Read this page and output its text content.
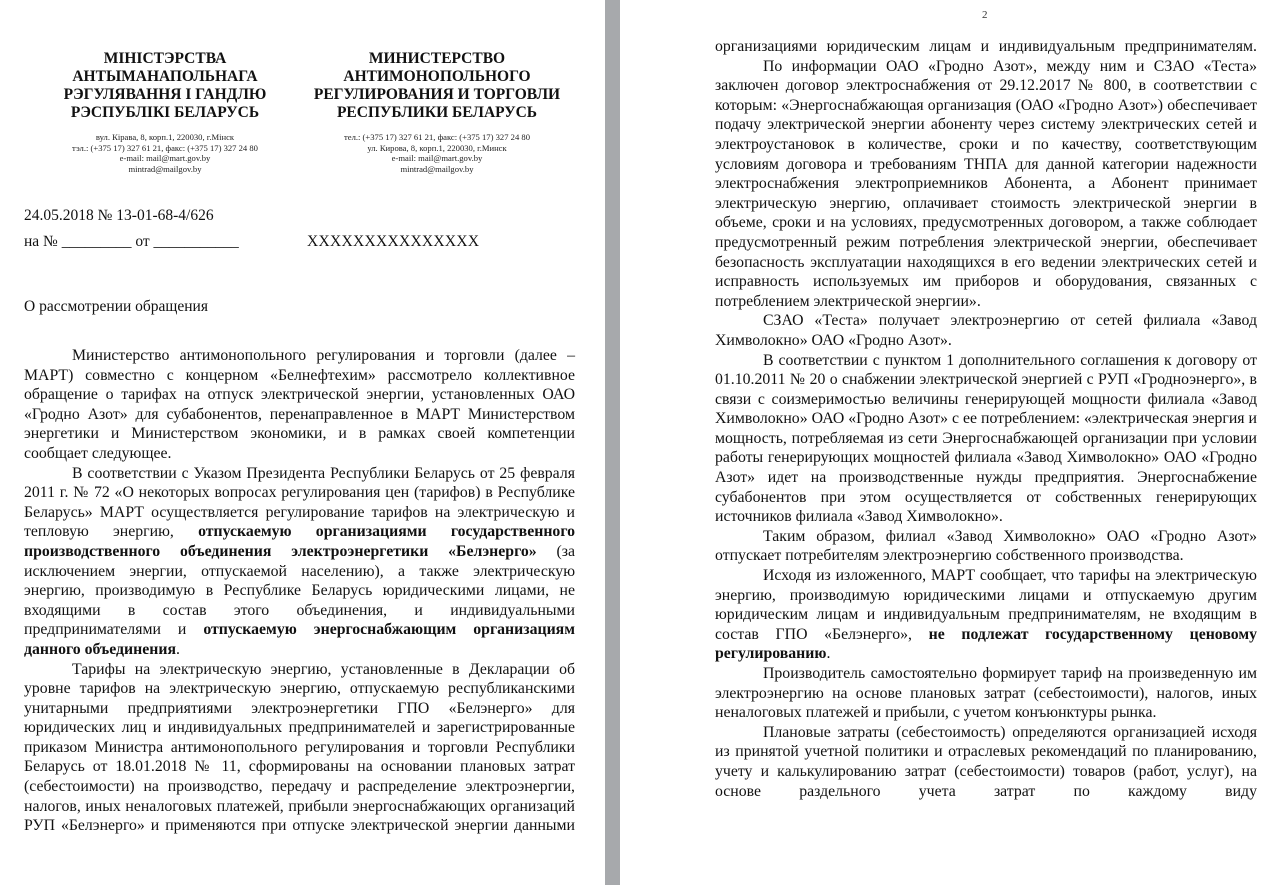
МІНІСТЭРСТВА
АНТЫМАНАПОЛЬНАГА
РЭГУЛЯВАННЯ І ГАНДЛЮ
РЭСПУБЛІКІ БЕЛАРУСЬ
вул. Кірава, 8, корп.1, 220030, г.Мінск
тэл.: (+375 17) 327 61 21, факс: (+375 17) 327 24 80
e-mail: mail@mart.gov.by
mintrad@mailgov.by
МИНИСТЕРСТВО
АНТИМОНОПОЛЬНОГО
РЕГУЛИРОВАНИЯ И ТОРГОВЛИ
РЕСПУБЛИКИ БЕЛАРУСЬ
тел.: (+375 17) 327 61 21, факс: (+375 17) 327 24 80
ул. Кирова, 8, корп.1, 220030, г.Минск
e-mail: mail@mart.gov.by
mintrad@mailgov.by
24.05.2018 № 13-01-68-4/626
на № _________ от ___________	XXXXXXXXXXXXXXX
О рассмотрении обращения

Министерство антимонопольного регулирования и торговли (далее – МАРТ) совместно с концерном «Белнефтехим» рассмотрело коллективное обращение о тарифах на отпуск электрической энергии, установленных ОАО «Гродно Азот» для субабонентов, перенаправленное в МАРТ Министерством энергетики и Министерством экономики, и в рамках своей компетенции сообщает следующее.

В соответствии с Указом Президента Республики Беларусь от 25 февраля 2011 г. № 72 «О некоторых вопросах регулирования цен (тарифов) в Республике Беларусь» МАРТ осуществляется регулирование тарифов на электрическую и тепловую энергию, отпускаемую организациями государственного производственного объединения электроэнергетики «Белэнерго» (за исключением энергии, отпускаемой населению), а также электрическую энергию, производимую в Республике Беларусь юридическими лицами, не входящими в состав этого объединения, и индивидуальными предпринимателями и отпускаемую энергоснабжающим организациям данного объединения.

Тарифы на электрическую энергию, установленные в Декларации об уровне тарифов на электрическую энергию, отпускаемую республиканскими унитарными предприятиями электроэнергетики ГПО «Белэнерго» для юридических лиц и индивидуальных предпринимателей и зарегистрированные приказом Министра антимонопольного регулирования и торговли Республики Беларусь от 18.01.2018 № 11, сформированы на основании плановых затрат (себестоимости) на производство, передачу и распределение электроэнергии, налогов, иных неналоговых платежей, прибыли энергоснабжающих организаций РУП «Белэнерго» и применяются при отпуске электрической энергии данными

2

организациями юридическим лицам и индивидуальным предпринимателям.

По информации ОАО «Гродно Азот», между ним и СЗАО «Теста» заключен договор электроснабжения от 29.12.2017 № 800, в соответствии с которым: «Энергоснабжающая организация (ОАО «Гродно Азот») обеспечивает подачу электрической энергии абоненту через систему электрических сетей и электроустановок в количестве, сроки и по качеству, соответствующим условиям договора и требованиям ТНПА для данной категории надежности электроснабжения электроприемников Абонента, а Абонент принимает электрическую энергию, оплачивает стоимость электрической энергии в объеме, сроки и на условиях, предусмотренных договором, а также соблюдает предусмотренный режим потребления электрической энергии, обеспечивает безопасность эксплуатации находящихся в его ведении электрических сетей и исправность используемых им приборов и оборудования, связанных с потреблением электрической энергии».

СЗАО «Теста» получает электроэнергию от сетей филиала «Завод Химволокно» ОАО «Гродно Азот».

В соответствии с пунктом 1 дополнительного соглашения к договору от 01.10.2011 № 20 о снабжении электрической энергией с РУП «Гродноэнерго», в связи с соизмеримостью величины генерирующей мощности филиала «Завод Химволокно» ОАО «Гродно Азот» с ее потреблением: «электрическая энергия и мощность, потребляемая из сети Энергоснабжающей организации при условии работы генерирующих мощностей филиала «Завод Химволокно» ОАО «Гродно Азот» идет на производственные нужды предприятия. Энергоснабжение субабонентов при этом осуществляется от собственных генерирующих источников филиала «Завод Химволокно».

Таким образом, филиал «Завод Химволокно» ОАО «Гродно Азот» отпускает потребителям электроэнергию собственного производства.

Исходя из изложенного, МАРТ сообщает, что тарифы на электрическую энергию, производимую юридическими лицами и отпускаемую другим юридическим лицам и индивидуальным предпринимателям, не входящим в состав ГПО «Белэнерго», не подлежат государственному ценовому регулированию.

Производитель самостоятельно формирует тариф на произведенную им электроэнергию на основе плановых затрат (себестоимости), налогов, иных неналоговых платежей и прибыли, с учетом конъюнктуры рынка.

Плановые затраты (себестоимость) определяются организацией исходя из принятой учетной политики и отраслевых рекомендаций по планированию, учету и калькулированию затрат (себестоимости) товаров (работ, услуг), на основе раздельного учета затрат по каждому виду
